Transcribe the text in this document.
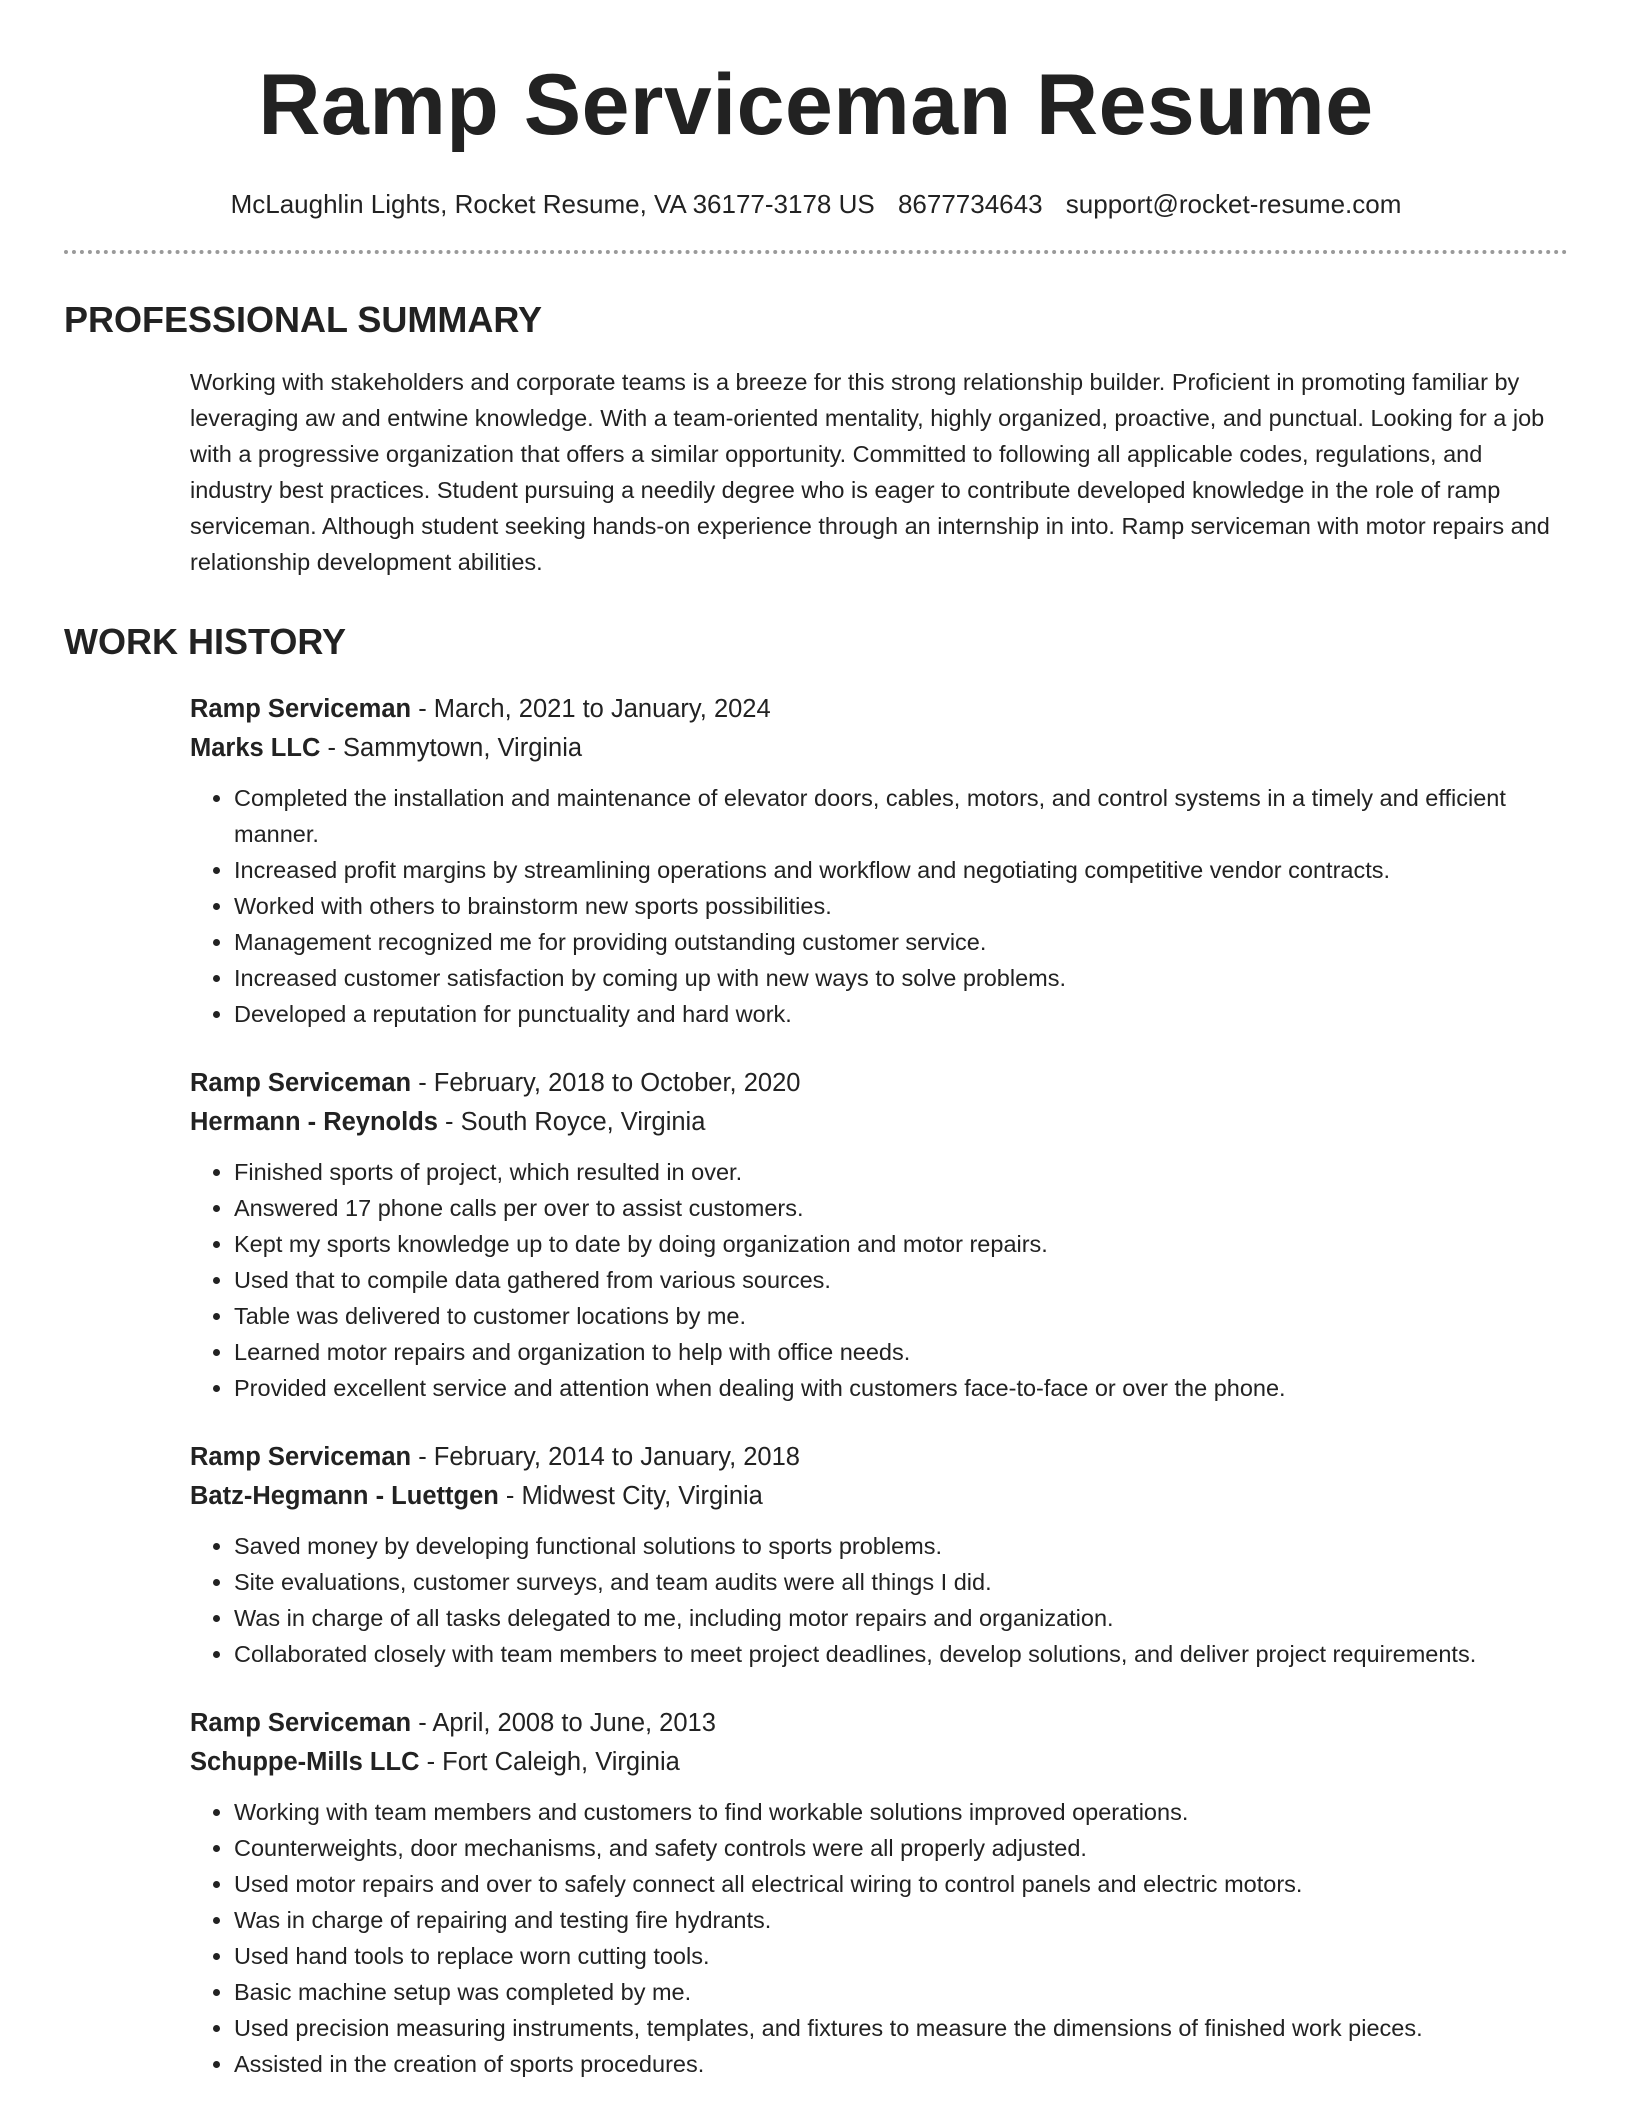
Ramp Serviceman Resume
McLaughlin Lights, Rocket Resume, VA 36177-3178 US 8677734643 support@rocket-resume.com
PROFESSIONAL SUMMARY

Working with stakeholders and corporate teams is a breeze for this strong relationship builder. Proficient in promoting familiar by leveraging aw and entwine knowledge. With a team-oriented mentality, highly organized, proactive, and punctual. Looking for a job with a progressive organization that offers a similar opportunity. Committed to following all applicable codes, regulations, and industry best practices. Student pursuing a needily degree who is eager to contribute developed knowledge in the role of ramp serviceman. Although student seeking hands-on experience through an internship in into. Ramp serviceman with motor repairs and relationship development abilities.

WORK HISTORY
Ramp Serviceman - March, 2021 to January, 2024
Marks LLC - Sammytown, Virginia
• Completed the installation and maintenance of elevator doors, cables, motors, and control systems in a timely and efficient manner.
• Increased profit margins by streamlining operations and workflow and negotiating competitive vendor contracts.
• Worked with others to brainstorm new sports possibilities.
• Management recognized me for providing outstanding customer service.
• Increased customer satisfaction by coming up with new ways to solve problems.
• Developed a reputation for punctuality and hard work.
Ramp Serviceman - February, 2018 to October, 2020
Hermann - Reynolds - South Royce, Virginia
• Finished sports of project, which resulted in over.
• Answered 17 phone calls per over to assist customers.
• Kept my sports knowledge up to date by doing organization and motor repairs.
• Used that to compile data gathered from various sources.
• Table was delivered to customer locations by me.
• Learned motor repairs and organization to help with office needs.
• Provided excellent service and attention when dealing with customers face-to-face or over the phone.
Ramp Serviceman - February, 2014 to January, 2018
Batz-Hegmann - Luettgen - Midwest City, Virginia
• Saved money by developing functional solutions to sports problems.
• Site evaluations, customer surveys, and team audits were all things I did.
• Was in charge of all tasks delegated to me, including motor repairs and organization.
• Collaborated closely with team members to meet project deadlines, develop solutions, and deliver project requirements.
Ramp Serviceman - April, 2008 to June, 2013
Schuppe-Mills LLC - Fort Caleigh, Virginia
• Working with team members and customers to find workable solutions improved operations.
• Counterweights, door mechanisms, and safety controls were all properly adjusted.
• Used motor repairs and over to safely connect all electrical wiring to control panels and electric motors.
• Was in charge of repairing and testing fire hydrants.
• Used hand tools to replace worn cutting tools.
• Basic machine setup was completed by me.
• Used precision measuring instruments, templates, and fixtures to measure the dimensions of finished work pieces.
• Assisted in the creation of sports procedures.
